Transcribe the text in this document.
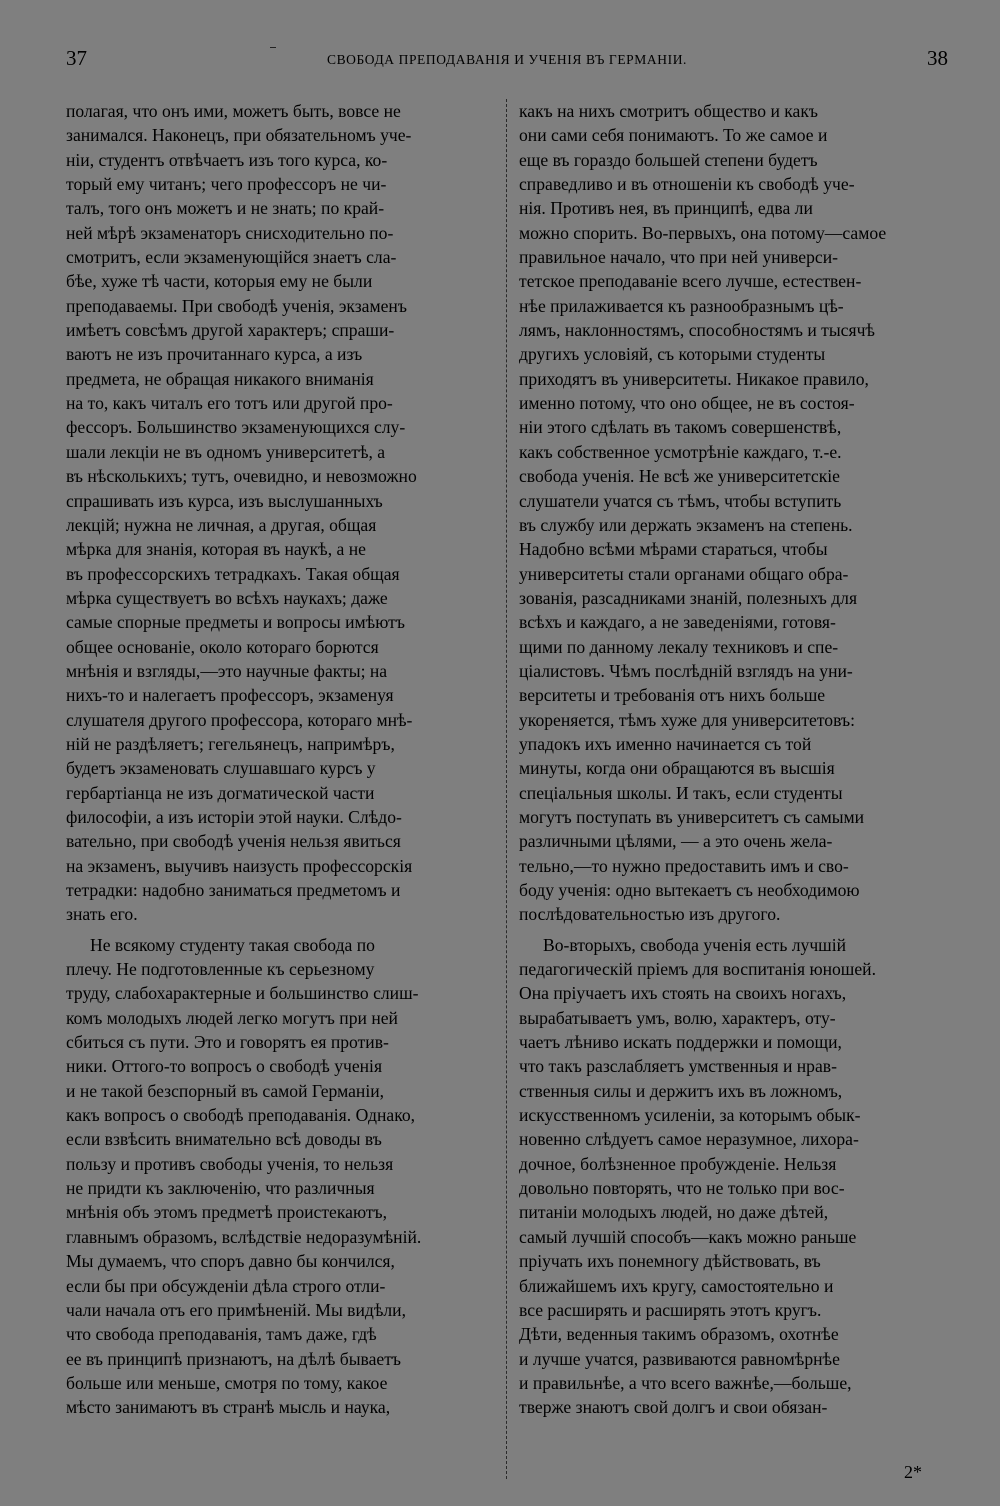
37	СВОБОДА ПРЕПОДАВАНІЯ И УЧЕНІЯ ВЪ ГЕРМАНІИ.	38
полагая, что онъ ими, можетъ быть, вовсе не
занимался. Наконецъ, при обязательномъ уче-
ніи, студентъ отвѣчаетъ изъ того курса, ко-
торый ему читанъ; чего профессоръ не чи-
талъ, того онъ можетъ и не знать; по край-
ней мѣрѣ экзаменаторъ снисходительно по-
смотритъ, если экзаменующійся знаетъ сла-
бѣе, хуже тѣ части, которыя ему не были
преподаваемы. При свободѣ ученія, экзаменъ
имѣетъ совсѣмъ другой характеръ; спраши-
ваютъ не изъ прочитаннаго курса, а изъ
предмета, не обращая никакого вниманія
на то, какъ читалъ его тотъ или другой про-
фессоръ. Большинство экзаменующихся слу-
шали лекціи не въ одномъ университетѣ, а
въ нѣсколькихъ; тутъ, очевидно, и невозможно
спрашивать изъ курса, изъ выслушанныхъ
лекцій; нужна не личная, а другая, общая
мѣрка для знанія, которая въ наукѣ, а не
въ профессорскихъ тетрадкахъ. Такая общая
мѣрка существуетъ во всѣхъ наукахъ; даже
самые спорные предметы и вопросы имѣютъ
общее основаніе, около котораго борются
мнѣнія и взгляды,—это научные факты; на
нихъ-то и налегаетъ профессоръ, экзаменуя
слушателя другого профессора, котораго мнѣ-
ній не раздѣляетъ; гегельянецъ, напримѣръ,
будетъ экзаменовать слушавшаго курсъ у
гербартіанца не изъ догматической части
философіи, а изъ исторіи этой науки. Слѣдо-
вательно, при свободѣ ученія нельзя явиться
на экзаменъ, выучивъ наизусть профессорскія
тетрадки: надобно заниматься предметомъ и
знать его.
Не всякому студенту такая свобода по
плечу. Не подготовленные къ серьезному
труду, слабохарактерные и большинство слиш-
комъ молодыхъ людей легко могутъ при ней
сбиться съ пути. Это и говорятъ ея против-
ники. Оттого-то вопросъ о свободѣ ученія
и не такой безспорный въ самой Германіи,
какъ вопросъ о свободѣ преподаванія. Однако,
если взвѣсить внимательно всѣ доводы въ
пользу и противъ свободы ученія, то нельзя
не придти къ заключенію, что различныя
мнѣнія объ этомъ предметѣ проистекаютъ,
главнымъ образомъ, вслѣдствіе недоразумѣній.
Мы думаемъ, что споръ давно бы кончился,
если бы при обсужденіи дѣла строго отли-
чали начала отъ его примѣненій. Мы видѣли,
что свобода преподаванія, тамъ даже, гдѣ
ее въ принципѣ признаютъ, на дѣлѣ бываетъ
больше или меньше, смотря по тому, какое
мѣсто занимаютъ въ странѣ мысль и наука,
какъ на нихъ смотритъ общество и какъ
они сами себя понимаютъ. То же самое и
еще въ гораздо большей степени будетъ
справедливо и въ отношеніи къ свободѣ уче-
нія. Противъ нея, въ принципѣ, едва ли
можно спорить. Во-первыхъ, она потому—самое
правильное начало, что при ней универси-
тетское преподаваніе всего лучше, естествен-
нѣе прилаживается къ разнообразнымъ цѣ-
лямъ, наклонностямъ, способностямъ и тысячѣ
другихъ условіяй, съ которыми студенты
приходятъ въ университеты. Никакое правило,
именно потому, что оно общее, не въ состоя-
ніи этого сдѣлать въ такомъ совершенствѣ,
какъ собственное усмотрѣніе каждаго, т.-е.
свобода ученія. Не всѣ же университетскіе
слушатели учатся съ тѣмъ, чтобы вступить
въ службу или держать экзаменъ на степень.
Надобно всѣми мѣрами стараться, чтобы
университеты стали органами общаго обра-
зованія, разсадниками знаній, полезныхъ для
всѣхъ и каждаго, а не заведеніями, готовя-
щими по данному лекалу техниковъ и спе-
ціалистовъ. Чѣмъ послѣдній взглядъ на уни-
верситеты и требованія отъ нихъ больше
укореняется, тѣмъ хуже для университетовъ:
упадокъ ихъ именно начинается съ той
минуты, когда они обращаются въ высшія
спеціальныя школы. И такъ, если студенты
могутъ поступать въ университетъ съ самыми
различными цѣлями, — а это очень жела-
тельно,—то нужно предоставить имъ и сво-
боду ученія: одно вытекаетъ съ необходимою
послѣдовательностью изъ другого.
Во-вторыхъ, свобода ученія есть лучшій
педагогическій пріемъ для воспитанія юношей.
Она пріучаетъ ихъ стоять на своихъ ногахъ,
вырабатываетъ умъ, волю, характеръ, оту-
чаетъ лѣниво искать поддержки и помощи,
что такъ разслабляетъ умственныя и нрав-
ственныя силы и держитъ ихъ въ ложномъ,
искусственномъ усиленіи, за которымъ обык-
новенно слѣдуетъ самое неразумное, лихора-
дочное, болѣзненное пробужденіе. Нельзя
довольно повторять, что не только при вос-
питаніи молодыхъ людей, но даже дѣтей,
самый лучшій способъ—какъ можно раньше
пріучать ихъ понемногу дѣйствовать, въ
ближайшемъ ихъ кругу, самостоятельно и
все расширять и расширять этотъ кругъ.
Дѣти, веденныя такимъ образомъ, охотнѣе
и лучше учатся, развиваются равномѣрнѣе
и правильнѣе, а что всего важнѣе,—больше,
тверже знаютъ свой долгъ и свои обязан-
2*
